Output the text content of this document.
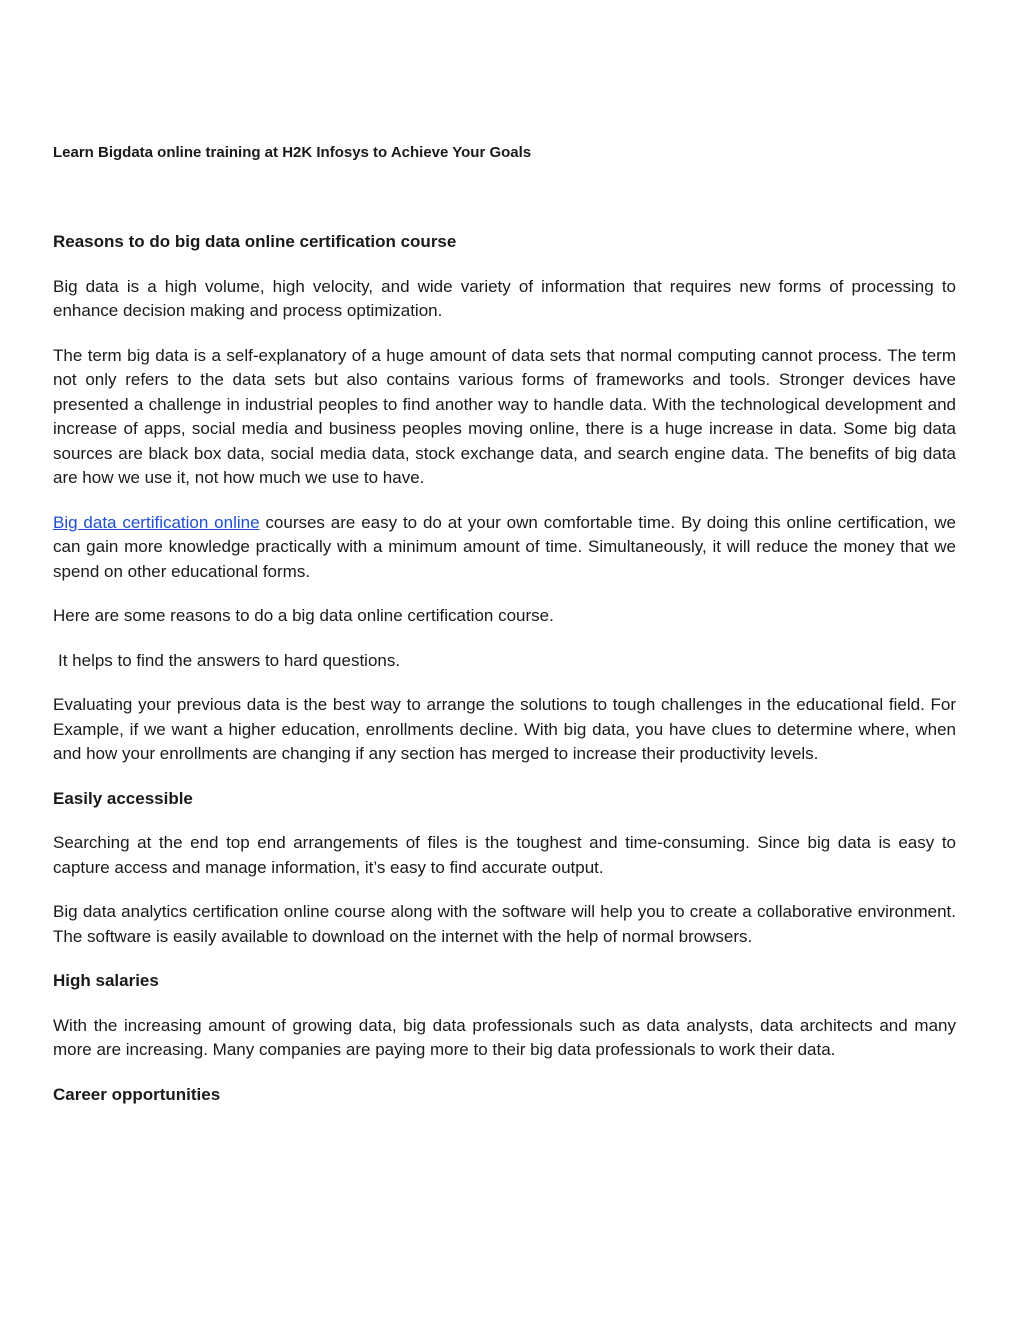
Learn Bigdata online training at H2K Infosys to Achieve Your Goals
Reasons to do big data online certification course

Big data is a high volume, high velocity, and wide variety of information that requires new forms of processing to enhance decision making and process optimization.

The term big data is a self-explanatory of a huge amount of data sets that normal computing cannot process. The term not only refers to the data sets but also contains various forms of frameworks and tools. Stronger devices have presented a challenge in industrial peoples to find another way to handle data. With the technological development and increase of apps, social media and business peoples moving online, there is a huge increase in data. Some big data sources are black box data, social media data, stock exchange data, and search engine data. The benefits of big data are how we use it, not how much we use to have.

Big data certification online courses are easy to do at your own comfortable time. By doing this online certification, we can gain more knowledge practically with a minimum amount of time. Simultaneously, it will reduce the money that we spend on other educational forms.

Here are some reasons to do a big data online certification course.

It helps to find the answers to hard questions.

Evaluating your previous data is the best way to arrange the solutions to tough challenges in the educational field. For Example, if we want a higher education, enrollments decline. With big data, you have clues to determine where, when and how your enrollments are changing if any section has merged to increase their productivity levels.

Easily accessible

Searching at the end top end arrangements of files is the toughest and time-consuming. Since big data is easy to capture access and manage information, it’s easy to find accurate output.

Big data analytics certification online course along with the software will help you to create a collaborative environment. The software is easily available to download on the internet with the help of normal browsers.

High salaries

With the increasing amount of growing data, big data professionals such as data analysts, data architects and many more are increasing. Many companies are paying more to their big data professionals to work their data.

Career opportunities
